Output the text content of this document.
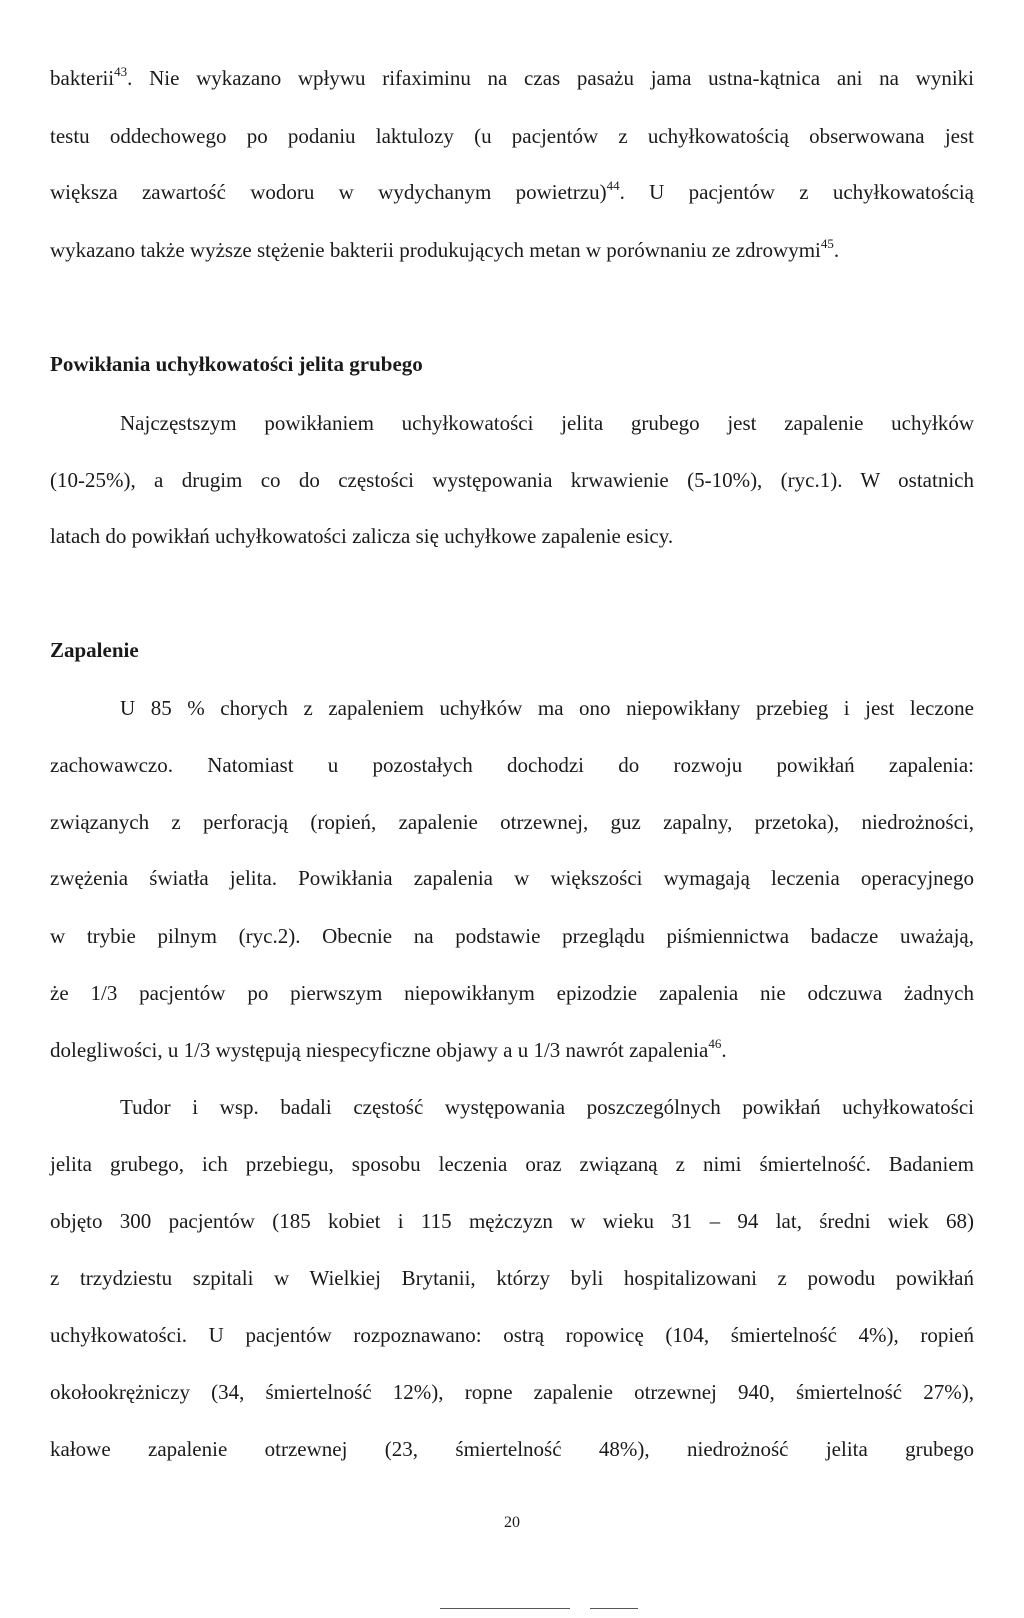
bakterii$^{43}$. Nie wykazano wpływu rifaximinu na czas pasażu jama ustna-kątnica ani na wyniki
testu oddechowego po podaniu laktulozy (u pacjentów z uchyłkowatością obserwowana jest
większa zawartość wodoru w wydychanym powietrzu)$^{44}$. U pacjentów z uchyłkowatością
wykazano także wyższe stężenie bakterii produkujących metan w porównaniu ze zdrowymi$^{45}$.
Powikłania uchyłkowatości jelita grubego
Najczęstszym powikłaniem uchyłkowatości jelita grubego jest zapalenie uchyłków
(10-25%), a drugim co do częstości występowania krwawienie (5-10%), (ryc.1). W ostatnich
latach do powikłań uchyłkowatości zalicza się uchyłkowe zapalenie esicy.
Zapalenie
U 85 % chorych z zapaleniem uchyłków ma ono niepowikłany przebieg i jest leczone
zachowawczo. Natomiast u pozostałych dochodzi do rozwoju powikłań zapalenia:
związanych z perforacją (ropień, zapalenie otrzewnej, guz zapalny, przetoka), niedrożności,
zwężenia światła jelita. Powikłania zapalenia w większości wymagają leczenia operacyjnego
w trybie pilnym (ryc.2). Obecnie na podstawie przeglądu piśmiennictwa badacze uważają,
że 1/3 pacjentów po pierwszym niepowikłanym epizodzie zapalenia nie odczuwa żadnych
dolegliwości, u 1/3 występują niespecyficzne objawy a u 1/3 nawrót zapalenia$^{46}$.
Tudor i wsp. badali częstość występowania poszczególnych powikłań uchyłkowatości
jelita grubego, ich przebiegu, sposobu leczenia oraz związaną z nimi śmiertelność. Badaniem
objęto 300 pacjentów (185 kobiet i 115 mężczyzn w wieku 31 – 94 lat, średni wiek 68)
z trzydziestu szpitali w Wielkiej Brytanii, którzy byli hospitalizowani z powodu powikłań
uchyłkowatości. U pacjentów rozpoznawano: ostrą ropowicę (104, śmiertelność 4%), ropień
okołookrężniczy (34, śmiertelność 12%), ropne zapalenie otrzewnej 940, śmiertelność 27%),
kałowe zapalenie otrzewnej (23, śmiertelność 48%), niedrożność jelita grubego
20
